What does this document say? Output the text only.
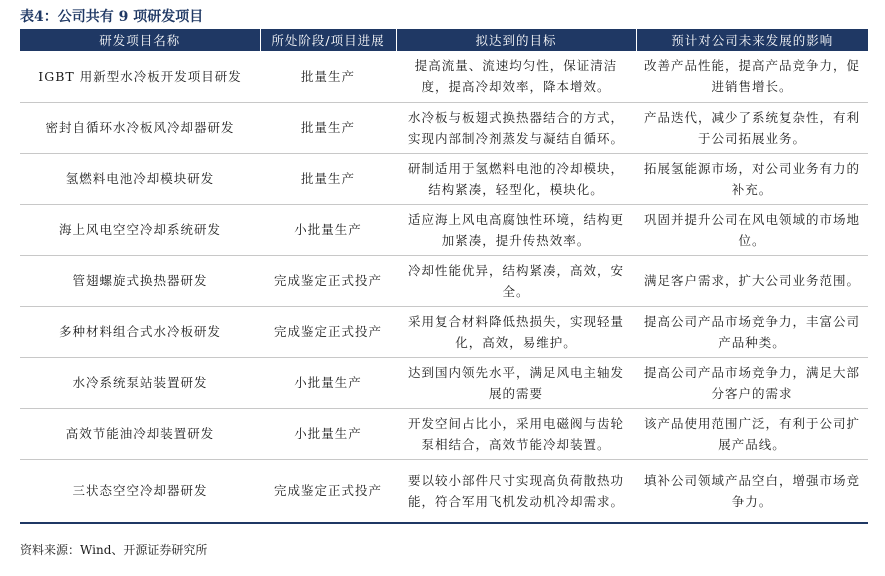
表4：公司共有 9 项研发项目
研发项目名称	所处阶段/项目进展	拟达到的目标	预计对公司未来发展的影响
IGBT 用新型水冷板开发项目研发	批量生产	提高流量、流速均匀性，保证清洁度，提高冷却效率，降本增效。	改善产品性能，提高产品竞争力，促进销售增长。
密封自循环水冷板风冷却器研发	批量生产	水冷板与板翅式换热器结合的方式，实现内部制冷剂蒸发与凝结自循环。	产品迭代，减少了系统复杂性，有利于公司拓展业务。
氢燃料电池冷却模块研发	批量生产	研制适用于氢燃料电池的冷却模块，结构紧凑，轻型化，模块化。	拓展氢能源市场，对公司业务有力的补充。
海上风电空空冷却系统研发	小批量生产	适应海上风电高腐蚀性环境，结构更加紧凑，提升传热效率。	巩固并提升公司在风电领域的市场地位。
管翅螺旋式换热器研发	完成鉴定正式投产	冷却性能优异，结构紧凑，高效，安全。	满足客户需求，扩大公司业务范围。
多种材料组合式水冷板研发	完成鉴定正式投产	采用复合材料降低热损失，实现轻量化，高效，易维护。	提高公司产品市场竞争力，丰富公司产品种类。
水冷系统泵站装置研发	小批量生产	达到国内领先水平，满足风电主轴发展的需要	提高公司产品市场竞争力，满足大部分客户的需求
高效节能油冷却装置研发	小批量生产	开发空间占比小，采用电磁阀与齿轮泵相结合，高效节能冷却装置。	该产品使用范围广泛，有利于公司扩展产品线。
三状态空空冷却器研发	完成鉴定正式投产	要以较小部件尺寸实现高负荷散热功能，符合军用飞机发动机冷却需求。	填补公司领域产品空白，增强市场竞争力。
资料来源：Wind、开源证券研究所
